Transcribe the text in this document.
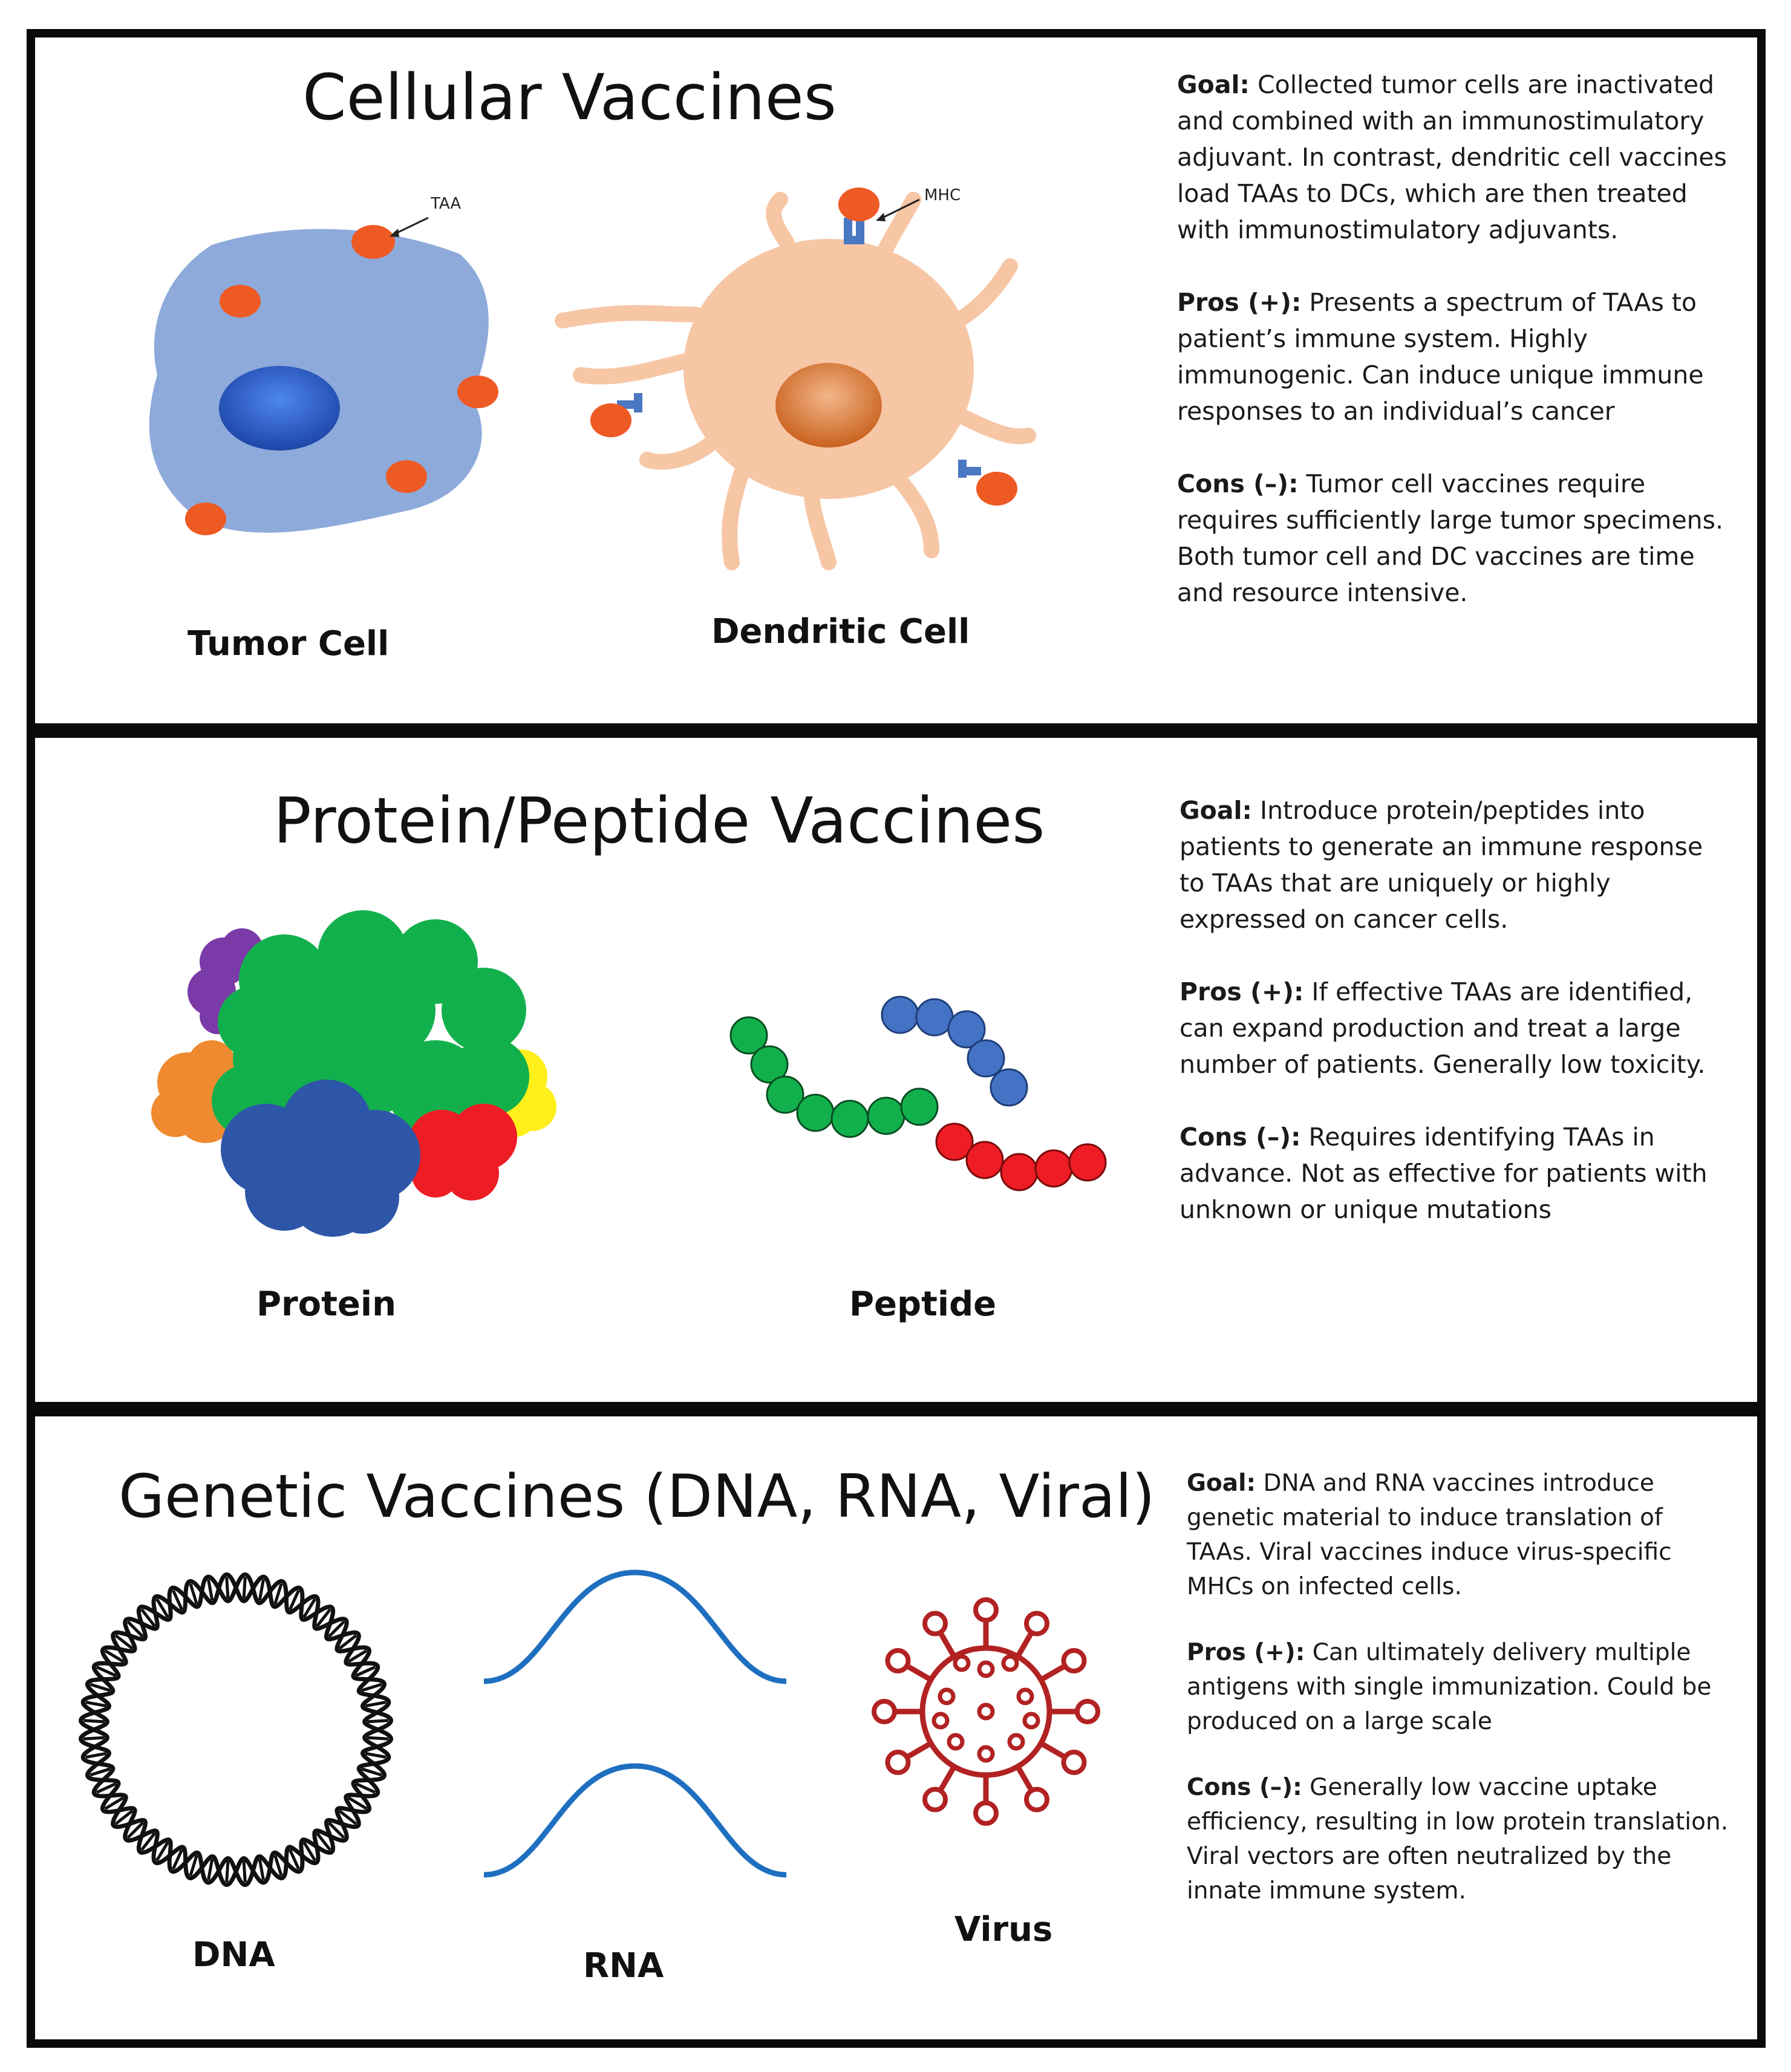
Cellular Vaccines
TAA	MHC
Tumor Cell	Dendritic Cell

Goal: Collected tumor cells are inactivated and combined with an immunostimulatory adjuvant. In contrast, dendritic cell vaccines load TAAs to DCs, which are then treated with immunostimulatory adjuvants.

Pros (+): Presents a spectrum of TAAs to patient’s immune system. Highly immunogenic. Can induce unique immune responses to an individual’s cancer

Cons (–): Tumor cell vaccines require requires sufficiently large tumor specimens. Both tumor cell and DC vaccines are time and resource intensive.

Protein/Peptide Vaccines
Protein	Peptide

Goal: Introduce protein/peptides into patients to generate an immune response to TAAs that are uniquely or highly expressed on cancer cells.

Pros (+): If effective TAAs are identified, can expand production and treat a large number of patients. Generally low toxicity.

Cons (–): Requires identifying TAAs in advance. Not as effective for patients with unknown or unique mutations

Genetic Vaccines (DNA, RNA, Viral)
DNA	RNA
Virus

Goal: DNA and RNA vaccines introduce genetic material to induce translation of TAAs. Viral vaccines induce virus-specific MHCs on infected cells.

Pros (+): Can ultimately delivery multiple antigens with single immunization. Could be produced on a large scale

Cons (–): Generally low vaccine uptake efficiency, resulting in low protein translation. Viral vectors are often neutralized by the innate immune system.
